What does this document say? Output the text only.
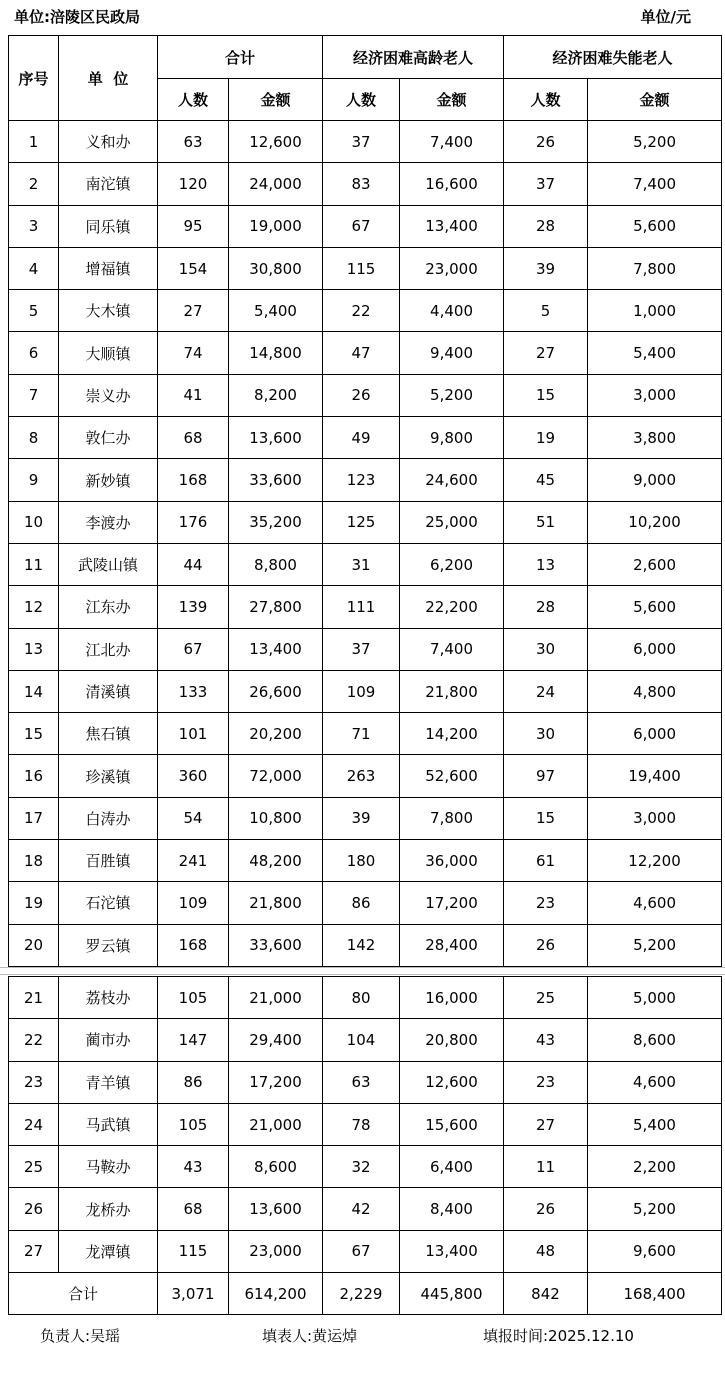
单位:涪陵区民政局	单位/元
序号	单  位	合计		经济困难高龄老人		经济困难失能老人	
		人数	金额	人数	金额	人数	金额
1	义和办	63	12,600	37	7,400	26	5,200
2	南沱镇	120	24,000	83	16,600	37	7,400
3	同乐镇	95	19,000	67	13,400	28	5,600
4	增福镇	154	30,800	115	23,000	39	7,800
5	大木镇	27	5,400	22	4,400	5	1,000
6	大顺镇	74	14,800	47	9,400	27	5,400
7	崇义办	41	8,200	26	5,200	15	3,000
8	敦仁办	68	13,600	49	9,800	19	3,800
9	新妙镇	168	33,600	123	24,600	45	9,000
10	李渡办	176	35,200	125	25,000	51	10,200
11	武陵山镇	44	8,800	31	6,200	13	2,600
12	江东办	139	27,800	111	22,200	28	5,600
13	江北办	67	13,400	37	7,400	30	6,000
14	清溪镇	133	26,600	109	21,800	24	4,800
15	焦石镇	101	20,200	71	14,200	30	6,000
16	珍溪镇	360	72,000	263	52,600	97	19,400
17	白涛办	54	10,800	39	7,800	15	3,000
18	百胜镇	241	48,200	180	36,000	61	12,200
19	石沱镇	109	21,800	86	17,200	23	4,600
20	罗云镇	168	33,600	142	28,400	26	5,200
21	荔枝办	105	21,000	80	16,000	25	5,000
22	蔺市办	147	29,400	104	20,800	43	8,600
23	青羊镇	86	17,200	63	12,600	23	4,600
24	马武镇	105	21,000	78	15,600	27	5,400
25	马鞍办	43	8,600	32	6,400	11	2,200
26	龙桥办	68	13,600	42	8,400	26	5,200
27	龙潭镇	115	23,000	67	13,400	48	9,600
合计		3,071	614,200	2,229	445,800	842	168,400
负责人:吴瑶	填表人:黄运焯	填报时间:2025.12.10
